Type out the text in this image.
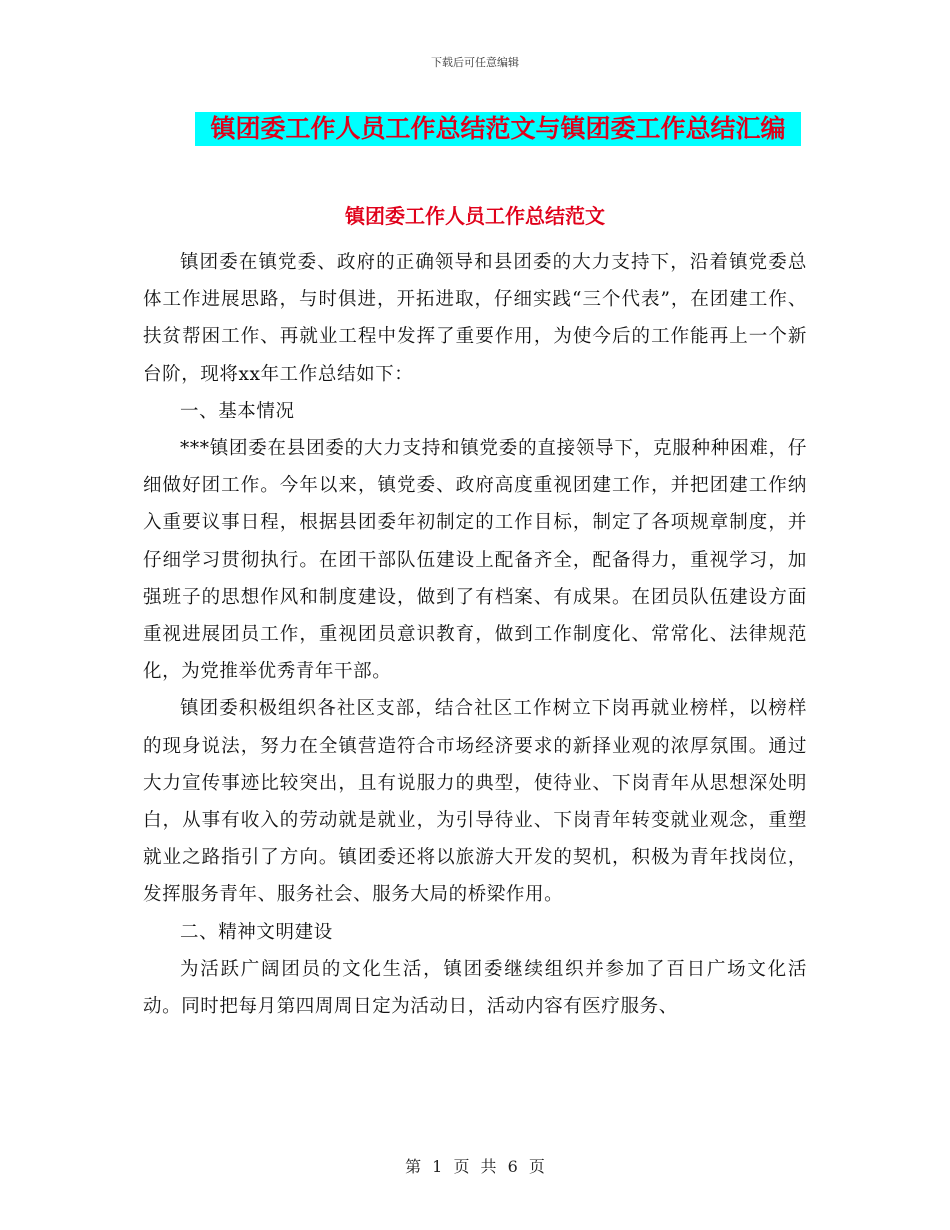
下载后可任意编辑
镇团委工作人员工作总结范文与镇团委工作总结汇编
镇团委工作人员工作总结范文

镇团委在镇党委、政府的正确领导和县团委的大力支持下，沿着镇党委总体工作进展思路，与时俱进，开拓进取，仔细实践“三个代表”，在团建工作、扶贫帮困工作、再就业工程中发挥了重要作用，为使今后的工作能再上一个新台阶，现将xx年工作总结如下：

一、基本情况

***镇团委在县团委的大力支持和镇党委的直接领导下，克服种种困难，仔细做好团工作。今年以来，镇党委、政府高度重视团建工作，并把团建工作纳入重要议事日程，根据县团委年初制定的工作目标，制定了各项规章制度，并仔细学习贯彻执行。在团干部队伍建设上配备齐全，配备得力，重视学习，加强班子的思想作风和制度建设，做到了有档案、有成果。在团员队伍建设方面重视进展团员工作，重视团员意识教育，做到工作制度化、常常化、法律规范化，为党推举优秀青年干部。

镇团委积极组织各社区支部，结合社区工作树立下岗再就业榜样，以榜样的现身说法，努力在全镇营造符合市场经济要求的新择业观的浓厚氛围。通过大力宣传事迹比较突出，且有说服力的典型，使待业、下岗青年从思想深处明白，从事有收入的劳动就是就业，为引导待业、下岗青年转变就业观念，重塑就业之路指引了方向。镇团委还将以旅游大开发的契机，积极为青年找岗位，发挥服务青年、服务社会、服务大局的桥梁作用。

二、精神文明建设

为活跃广阔团员的文化生活，镇团委继续组织并参加了百日广场文化活动。同时把每月第四周周日定为活动日，活动内容有医疗服务、

第 1 页 共 6 页
